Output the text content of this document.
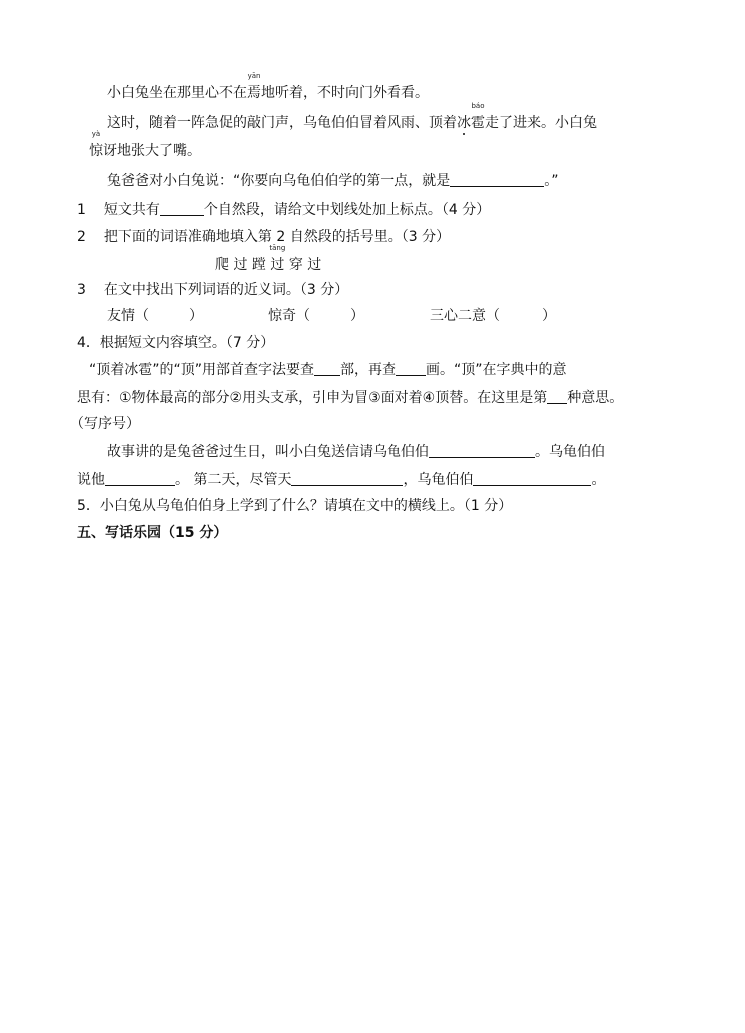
小白兔坐在那里心不在
yān
焉地听着，不时向门外看看。
这时，随着一阵急促的敲门声，乌龟伯伯冒着风雨、顶着冰
báo
雹走了进来。小白兔
yà
惊讶地张大了嘴。
兔爸爸对小白兔说：“你要向乌龟伯伯学的第一点，就是	。”
1 短文共有	个自然段，请给文中划线处加上标点。（4 分）
2 把下面的词语准确地填入第 2 自然段的括号里。（3 分）
爬 过 蹚
tāng
过 穿 过
3 在文中找出下列词语的近义词。（3 分）
友情（	）	惊奇（	）	三心二意（	）
4．根据短文内容填空。（7 分）
“顶着冰雹”的“顶”用部首查字法要查 部，再查 画。“顶”在字典中的意
思有：①物体最高的部分②用头支承，引申为冒③面对着④顶替。在这里是第 种意思。
（写序号）
故事讲的是兔爸爸过生日，叫小白兔送信请乌龟伯伯	。乌龟伯伯
说他	。 第二天，尽管天	，乌龟伯伯	。
5．小白兔从乌龟伯伯身上学到了什么？请填在文中的横线上。（1 分）
五、写话乐园（15 分）
